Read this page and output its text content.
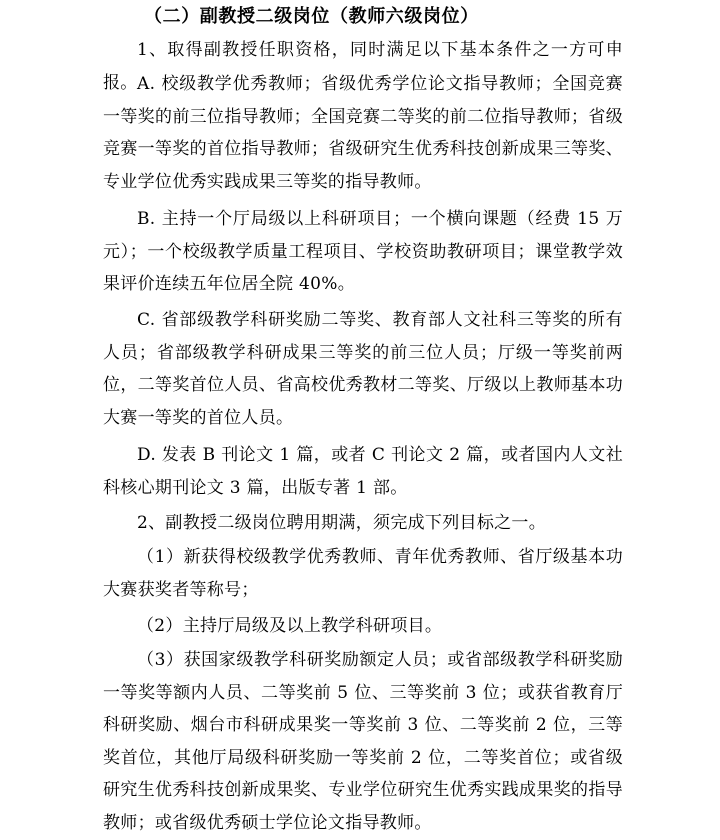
（二）副教授二级岗位（教师六级岗位）

1、取得副教授任职资格，同时满足以下基本条件之一方可申报。 A. 校级教学优秀教师；省级优秀学位论文指导教师；全国竞赛一等奖的前三位指导教师；全国竞赛二等奖的前二位指导教师；省级竞赛一等奖的首位指导教师；省级研究生优秀科技创新成果三等奖、专业学位优秀实践成果三等奖的指导教师。

B. 主持一个厅局级以上科研项目；一个横向课题（经费 15 万元）；一个校级教学质量工程项目、学校资助教研项目；课堂教学效果评价连续五年位居全院 40%。

C. 省部级教学科研奖励二等奖、教育部人文社科三等奖的所有人员；省部级教学科研成果三等奖的前三位人员；厅级一等奖前两位，二等奖首位人员、省高校优秀教材二等奖、厅级以上教师基本功大赛一等奖的首位人员。

D. 发表 B 刊论文 1 篇，或者 C 刊论文 2 篇，或者国内人文社科核心期刊论文 3 篇，出版专著 1 部。

2、副教授二级岗位聘用期满，须完成下列目标之一。

（1）新获得校级教学优秀教师、青年优秀教师、省厅级基本功大赛获奖者等称号；

（2）主持厅局级及以上教学科研项目。

（3）获国家级教学科研奖励额定人员；或省部级教学科研奖励一等奖等额内人员、二等奖前 5 位、三等奖前 3 位；或获省教育厅科研奖励、烟台市科研成果奖一等奖前 3 位、二等奖前 2 位，三等奖首位，其他厅局级科研奖励一等奖前 2 位，二等奖首位；或省级研究生优秀科技创新成果奖、专业学位研究生优秀实践成果奖的指导教师；或省级优秀硕士学位论文指导教师。
